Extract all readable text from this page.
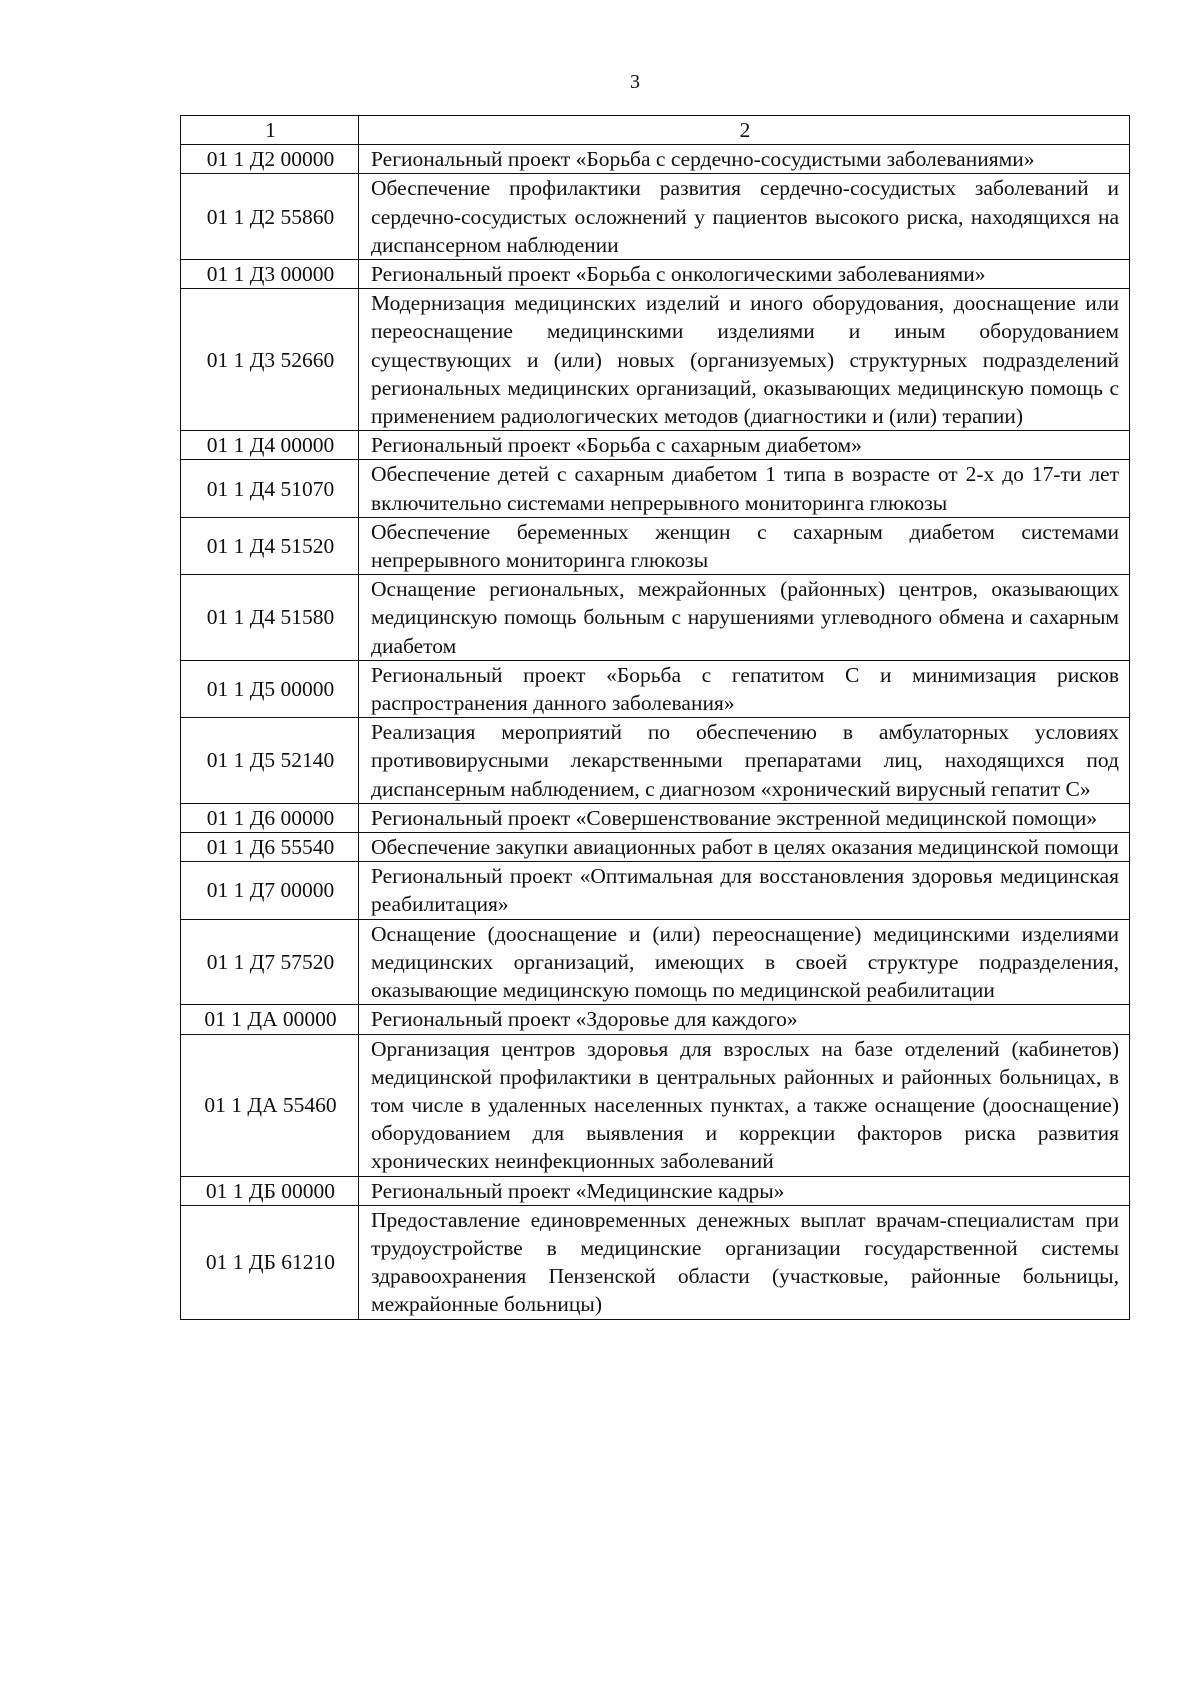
3
1	2
01 1 Д2 00000	Региональный проект «Борьба с сердечно-сосудистыми заболеваниями»
01 1 Д2 55860	Обеспечение профилактики развития сердечно-сосудистых заболеваний и сердечно-сосудистых осложнений у пациентов высокого риска, находящихся на диспансерном наблюдении
01 1 Д3 00000	Региональный проект «Борьба с онкологическими заболеваниями»
01 1 Д3 52660	Модернизация медицинских изделий и иного оборудования, дооснащение или переоснащение медицинскими изделиями и иным оборудованием существующих и (или) новых (организуемых) структурных подразделений региональных медицинских организаций, оказывающих медицинскую помощь с применением радиологических методов (диагностики и (или) терапии)
01 1 Д4 00000	Региональный проект «Борьба с сахарным диабетом»
01 1 Д4 51070	Обеспечение детей с сахарным диабетом 1 типа в возрасте от 2-х до 17-ти лет включительно системами непрерывного мониторинга глюкозы
01 1 Д4 51520	Обеспечение беременных женщин с сахарным диабетом системами непрерывного мониторинга глюкозы
01 1 Д4 51580	Оснащение региональных, межрайонных (районных) центров, оказывающих медицинскую помощь больным с нарушениями углеводного обмена и сахарным диабетом
01 1 Д5 00000	Региональный проект «Борьба с гепатитом С и минимизация рисков распространения данного заболевания»
01 1 Д5 52140	Реализация мероприятий по обеспечению в амбулаторных условиях противовирусными лекарственными препаратами лиц, находящихся под диспансерным наблюдением, с диагнозом «хронический вирусный гепатит С»
01 1 Д6 00000	Региональный проект «Совершенствование экстренной медицинской помощи»
01 1 Д6 55540	Обеспечение закупки авиационных работ в целях оказания медицинской помощи
01 1 Д7 00000	Региональный проект «Оптимальная для восстановления здоровья медицинская реабилитация»
01 1 Д7 57520	Оснащение (дооснащение и (или) переоснащение) медицинскими изделиями медицинских организаций, имеющих в своей структуре подразделения, оказывающие медицинскую помощь по медицинской реабилитации
01 1 ДА 00000	Региональный проект «Здоровье для каждого»
01 1 ДА 55460	Организация центров здоровья для взрослых на базе отделений (кабинетов) медицинской профилактики в центральных районных и районных больницах, в том числе в удаленных населенных пунктах, а также оснащение (дооснащение) оборудованием для выявления и коррекции факторов риска развития хронических неинфекционных заболеваний
01 1 ДБ 00000	Региональный проект «Медицинские кадры»
01 1 ДБ 61210	Предоставление единовременных денежных выплат врачам-специалистам при трудоустройстве в медицинские организации государственной системы здравоохранения Пензенской области (участковые, районные больницы, межрайонные больницы)
